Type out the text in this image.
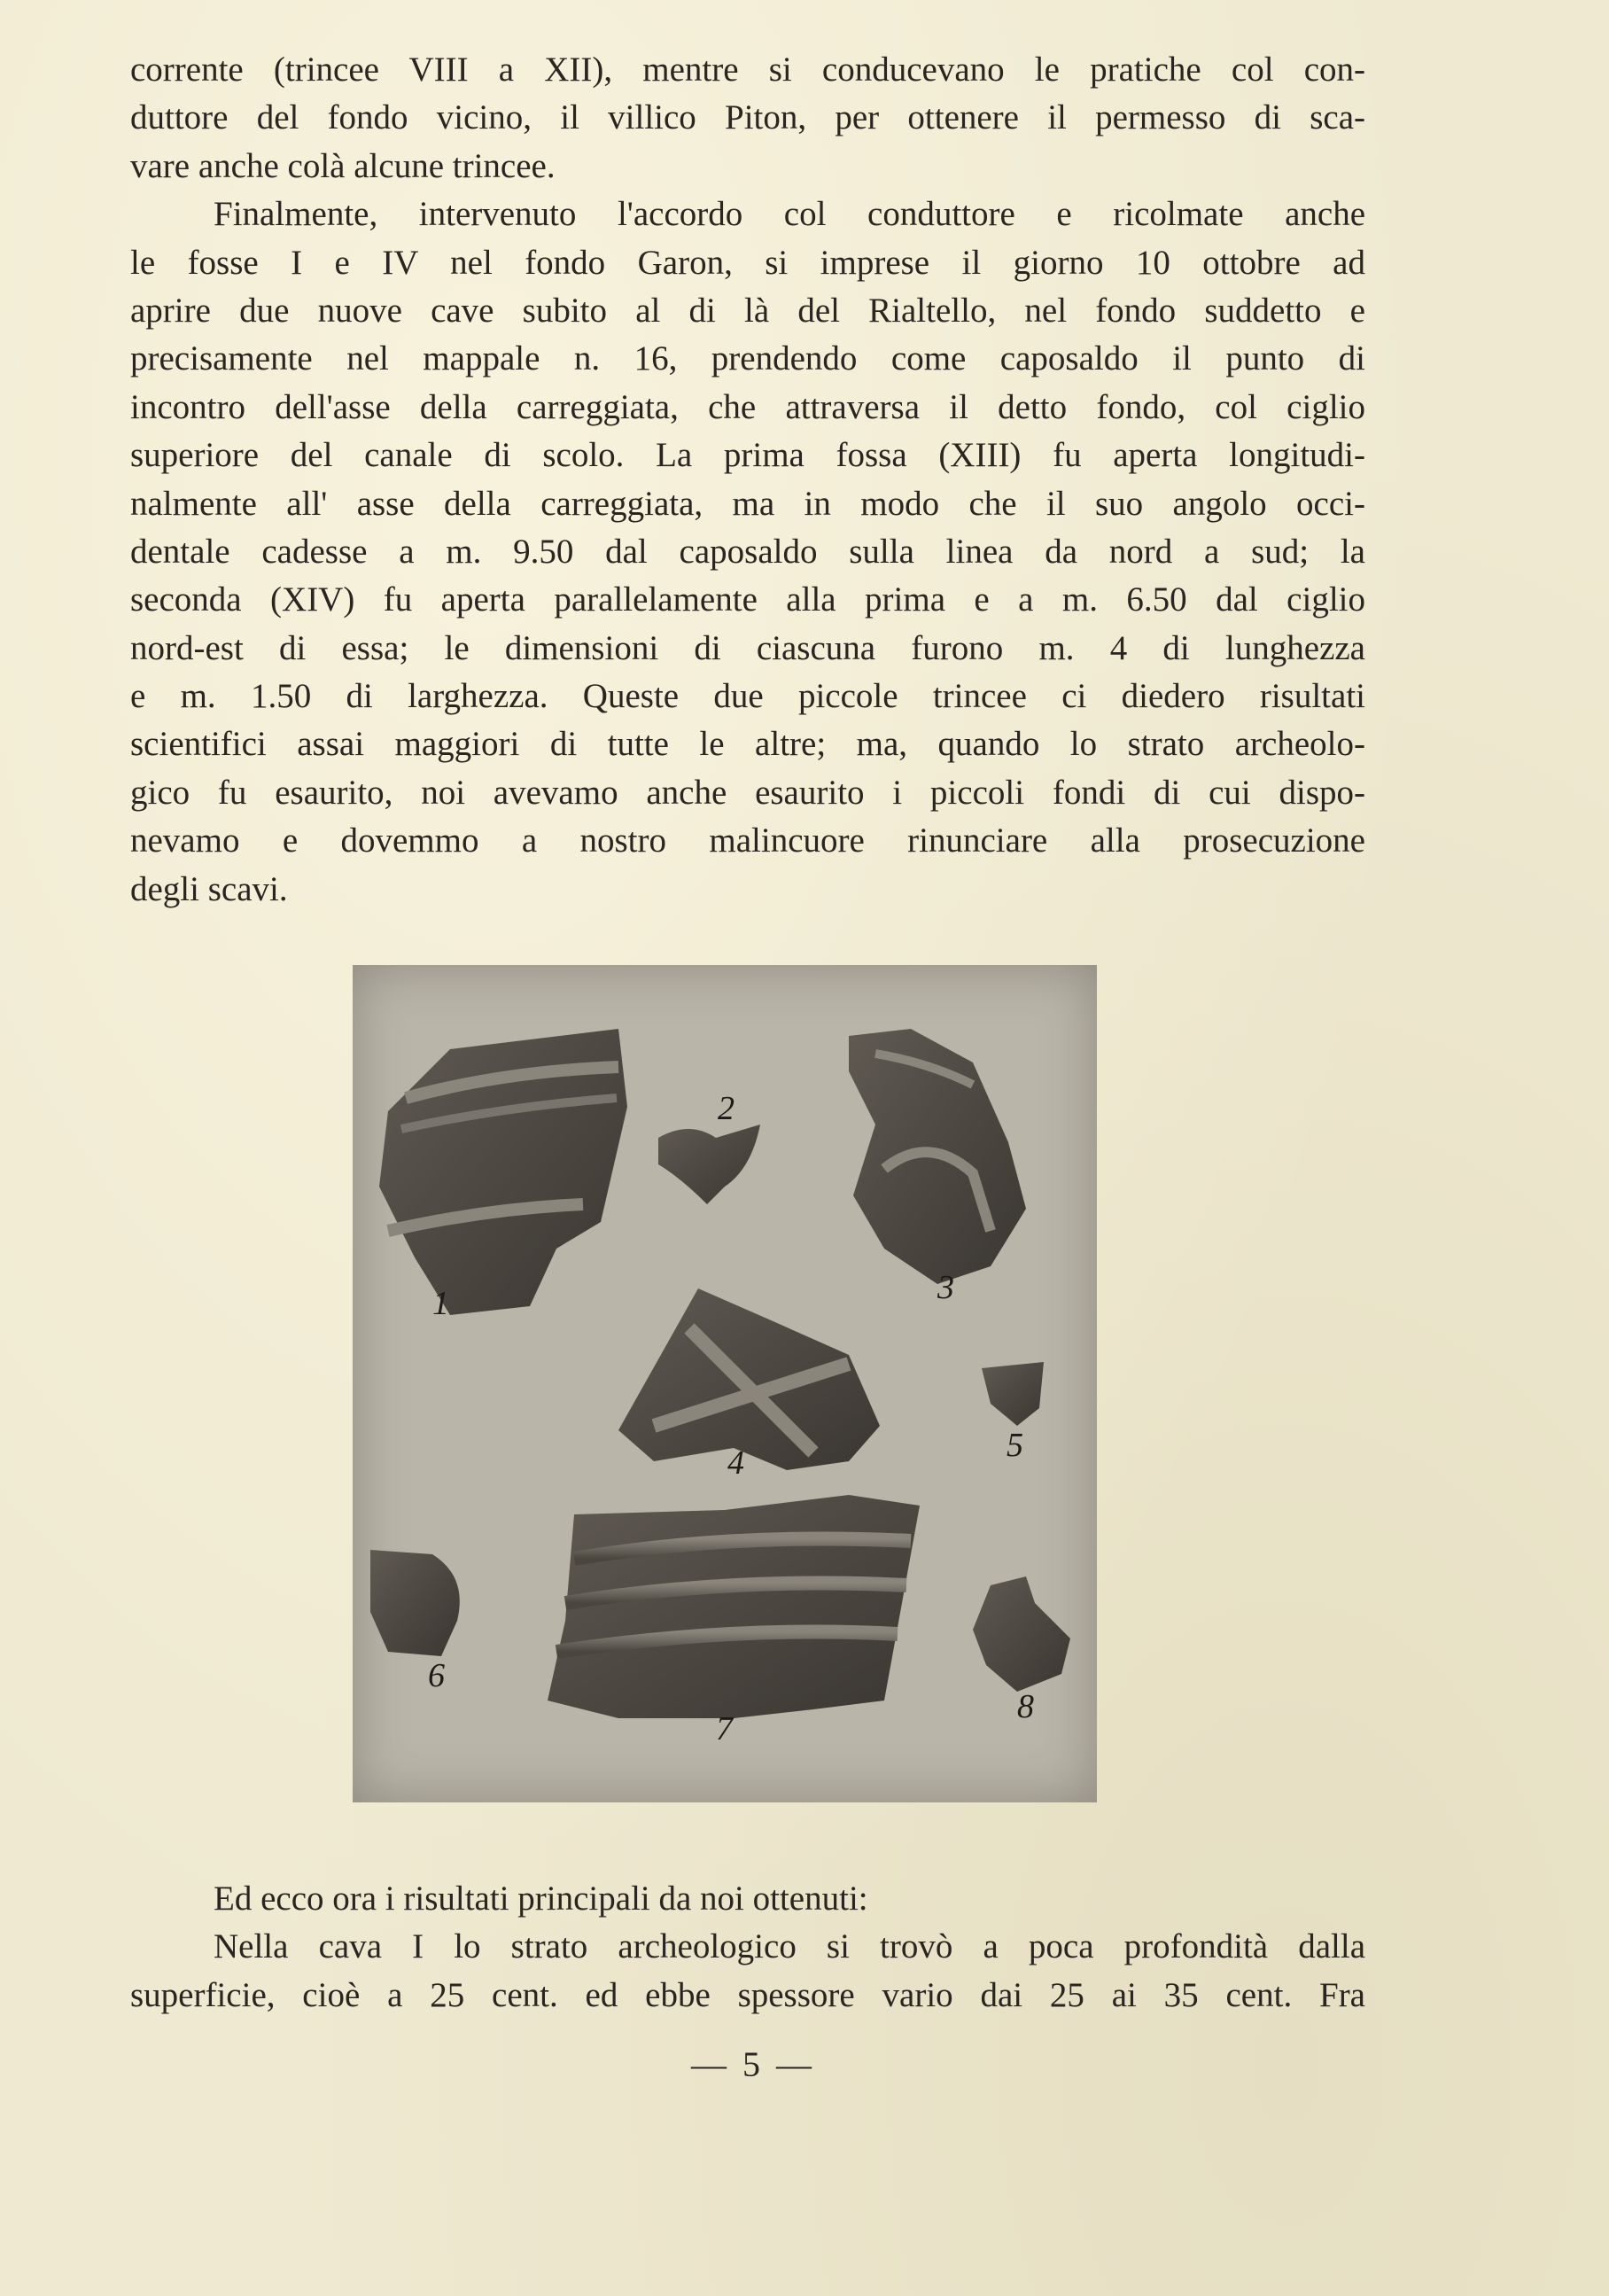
corrente (trincee VIII a XII), mentre si conducevano le pratiche col con-
duttore del fondo vicino, il villico Piton, per ottenere il permesso di sca-
vare anche colà alcune trincee.
Finalmente, intervenuto l'accordo col conduttore e ricolmate anche
le fosse I e IV nel fondo Garon, si imprese il giorno 10 ottobre ad
aprire due nuove cave subito al di là del Rialtello, nel fondo suddetto e
precisamente nel mappale n. 16, prendendo come caposaldo il punto di
incontro dell'asse della carreggiata, che attraversa il detto fondo, col ciglio
superiore del canale di scolo. La prima fossa (XIII) fu aperta longitudi-
nalmente all' asse della carreggiata, ma in modo che il suo angolo occi-
dentale cadesse a m. 9.50 dal caposaldo sulla linea da nord a sud; la
seconda (XIV) fu aperta parallelamente alla prima e a m. 6.50 dal ciglio
nord-est di essa; le dimensioni di ciascuna furono m. 4 di lunghezza
e m. 1.50 di larghezza. Queste due piccole trincee ci diedero risultati
scientifici assai maggiori di tutte le altre; ma, quando lo strato archeolo-
gico fu esaurito, noi avevamo anche esaurito i piccoli fondi di cui dispo-
nevamo e dovemmo a nostro malincuore rinunciare alla prosecuzione
degli scavi.
1
2
3
4	5
6
7
8
Ed ecco ora i risultati principali da noi ottenuti:
Nella cava I lo strato archeologico si trovò a poca profondità dalla
superficie, cioè a 25 cent. ed ebbe spessore vario dai 25 ai 35 cent. Fra
— 5 —
